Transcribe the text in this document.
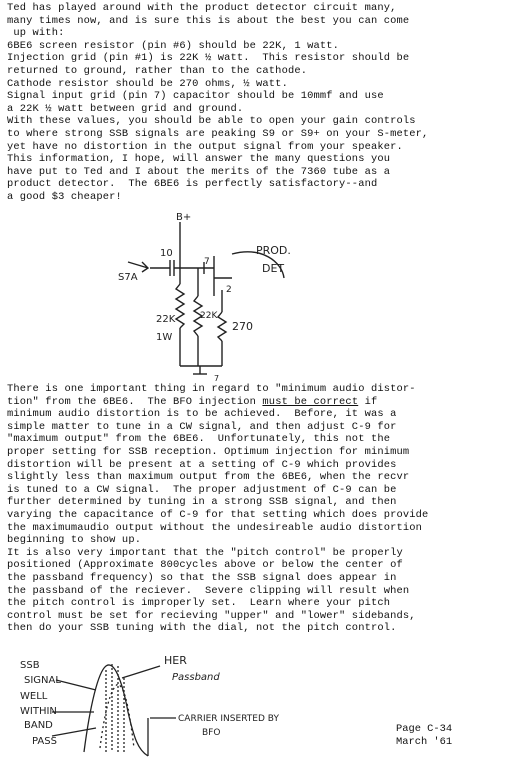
Ted has played around with the product detector circuit many,
many times now, and is sure this is about the best you can come
up with:
6BE6 screen resistor (pin #6) should be 22K, 1 watt.
Injection grid (pin #1) is 22K ½ watt.  This resistor should be
returned to ground, rather than to the cathode.
Cathode resistor should be 270 ohms, ½ watt.
Signal input grid (pin 7) capacitor should be 10mmf and use
a 22K ½ watt between grid and ground.
With these values, you should be able to open your gain controls
to where strong SSB signals are peaking S9 or S9+ on your S-meter,
yet have no distortion in the output signal from your speaker.
This information, I hope, will answer the many questions you
have put to Ted and I about the merits of the 7360 tube as a
product detector.  The 6BE6 is perfectly satisfactory--and
a good $3 cheaper!
B+
10
S7A
7
2
PROD.
DET
22K
1W
22K
270
7
SSB
SIGNAL
WELL
WITHIN
BAND
PASS
HER
Passband
CARRIER INSERTED BY
BFO
There is one important thing in regard to "minimum audio distor-
tion" from the 6BE6.  The BFO injection must be correct if

minimum audio distortion is to be achieved.  Before, it was a
simple matter to tune in a CW signal, and then adjust C-9 for
"maximum output" from the 6BE6.  Unfortunately, this not the
proper setting for SSB reception. Optimum injection for minimum
distortion will be present at a setting of C-9 which provides
slightly less than maximum output from the 6BE6, when the recvr
is tuned to a CW signal.  The proper adjustment of C-9 can be
further determined by tuning in a strong SSB signal, and then
varying the capacitance of C-9 for that setting which does provide
the maximumaudio output without the undesireable audio distortion
beginning to show up.
It is also very important that the "pitch control" be properly
positioned (Approximate 800cycles above or below the center of
the passband frequency) so that the SSB signal does appear in
the passband of the reciever.  Severe clipping will result when
the pitch control is improperly set.  Learn where your pitch
control must be set for recieving "upper" and "lower" sidebands,
then do your SSB tuning with the dial, not the pitch control.
Page C-34
March '61
